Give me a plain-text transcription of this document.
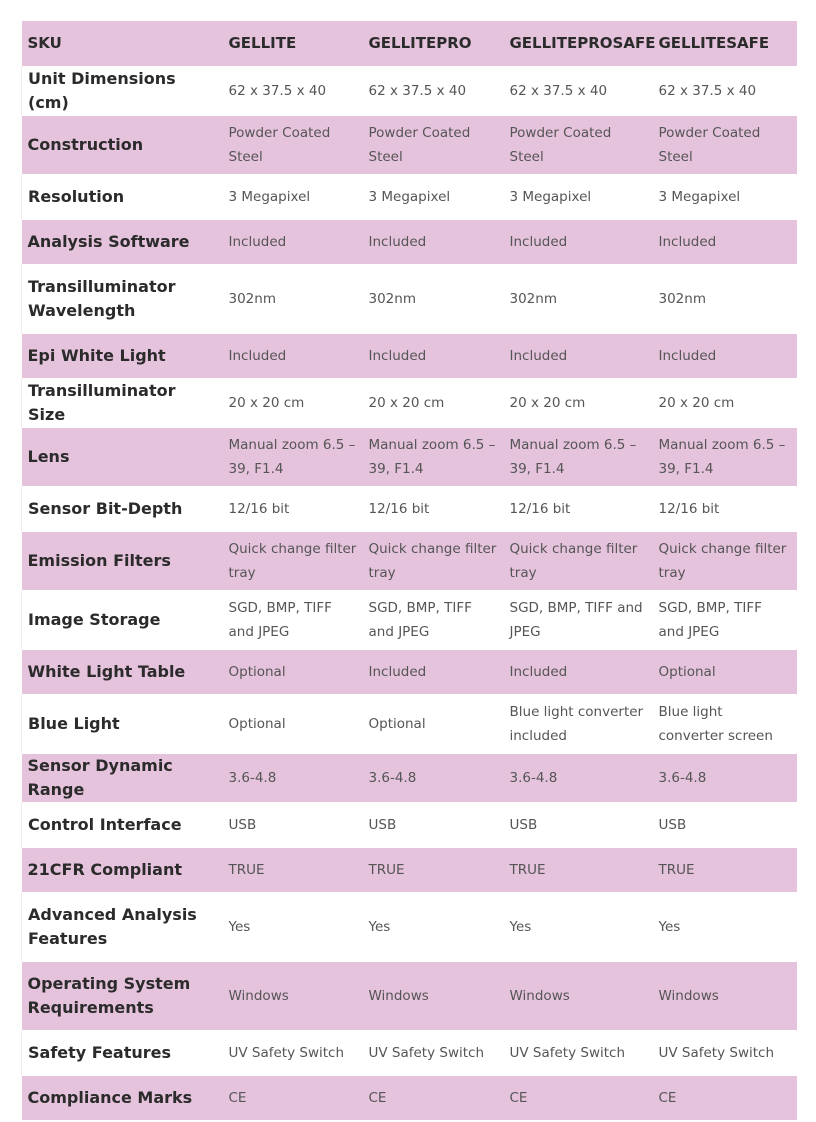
SKU	GELLITE	GELLITEPRO	GELLITEPROSAFE	GELLITESAFE
Unit Dimensions (cm)	62 x 37.5 x 40	62 x 37.5 x 40	62 x 37.5 x 40	62 x 37.5 x 40
Construction	Powder Coated Steel	Powder Coated Steel	Powder Coated Steel	Powder Coated Steel
Resolution	3 Megapixel	3 Megapixel	3 Megapixel	3 Megapixel
Analysis Software	Included	Included	Included	Included
Transilluminator Wavelength	302nm	302nm	302nm	302nm
Epi White Light	Included	Included	Included	Included
Transilluminator Size	20 x 20 cm	20 x 20 cm	20 x 20 cm	20 x 20 cm
Lens	Manual zoom 6.5 – 39, F1.4	Manual zoom 6.5 – 39, F1.4	Manual zoom 6.5 – 39, F1.4	Manual zoom 6.5 – 39, F1.4
Sensor Bit-Depth	12/16 bit	12/16 bit	12/16 bit	12/16 bit
Emission Filters	Quick change filter tray	Quick change filter tray	Quick change filter tray	Quick change filter tray
Image Storage	SGD, BMP, TIFF and JPEG	SGD, BMP, TIFF and JPEG	SGD, BMP, TIFF and JPEG	SGD, BMP, TIFF and JPEG
White Light Table	Optional	Included	Included	Optional
Blue Light	Optional	Optional	Blue light converter included	Blue light converter screen
Sensor Dynamic Range	3.6-4.8	3.6-4.8	3.6-4.8	3.6-4.8
Control Interface	USB	USB	USB	USB
21CFR Compliant	TRUE	TRUE	TRUE	TRUE
Advanced Analysis Features	Yes	Yes	Yes	Yes
Operating System Requirements	Windows	Windows	Windows	Windows
Safety Features	UV Safety Switch	UV Safety Switch	UV Safety Switch	UV Safety Switch
Compliance Marks	CE	CE	CE	CE
